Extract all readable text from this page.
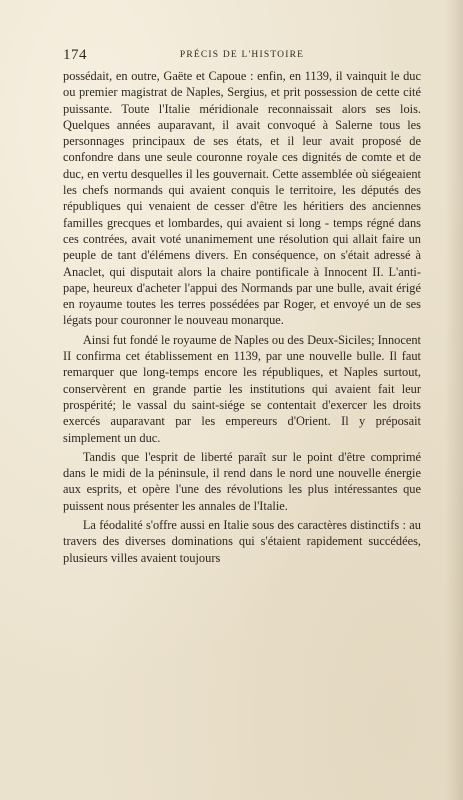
174	PRÉCIS DE L'HISTOIRE

possédait, en outre, Gaëte et Capoue : enfin, en 1139, il vainquit le duc ou premier magistrat de Naples, Sergius, et prit possession de cette cité puissante. Toute l'Italie méridionale reconnaissait alors ses lois. Quelques années auparavant, il avait convoqué à Salerne tous les personnages principaux de ses états, et il leur avait proposé de confondre dans une seule couronne royale ces dignités de comte et de duc, en vertu desquelles il les gouvernait. Cette assemblée où siégeaient les chefs normands qui avaient conquis le territoire, les députés des républiques qui venaient de cesser d'être les héritiers des anciennes familles grecques et lombardes, qui avaient si long - temps régné dans ces contrées, avait voté unanimement une résolution qui allait faire un peuple de tant d'élémens divers. En conséquence, on s'était adressé à Anaclet, qui disputait alors la chaire pontificale à Innocent II. L'anti-pape, heureux d'acheter l'appui des Normands par une bulle, avait érigé en royaume toutes les terres possédées par Roger, et envoyé un de ses légats pour couronner le nouveau monarque.

Ainsi fut fondé le royaume de Naples ou des Deux-Siciles; Innocent II confirma cet établissement en 1139, par une nouvelle bulle. Il faut remarquer que long-temps encore les républiques, et Naples surtout, conservèrent en grande partie les institutions qui avaient fait leur prospérité; le vassal du saint-siége se contentait d'exercer les droits exercés auparavant par les empereurs d'Orient. Il y préposait simplement un duc.

Tandis que l'esprit de liberté paraît sur le point d'être comprimé dans le midi de la péninsule, il rend dans le nord une nouvelle énergie aux esprits, et opère l'une des révolutions les plus intéressantes que puissent nous présenter les annales de l'Italie.

La féodalité s'offre aussi en Italie sous des caractères distinctifs : au travers des diverses dominations qui s'étaient rapidement succédées, plusieurs villes avaient toujours
